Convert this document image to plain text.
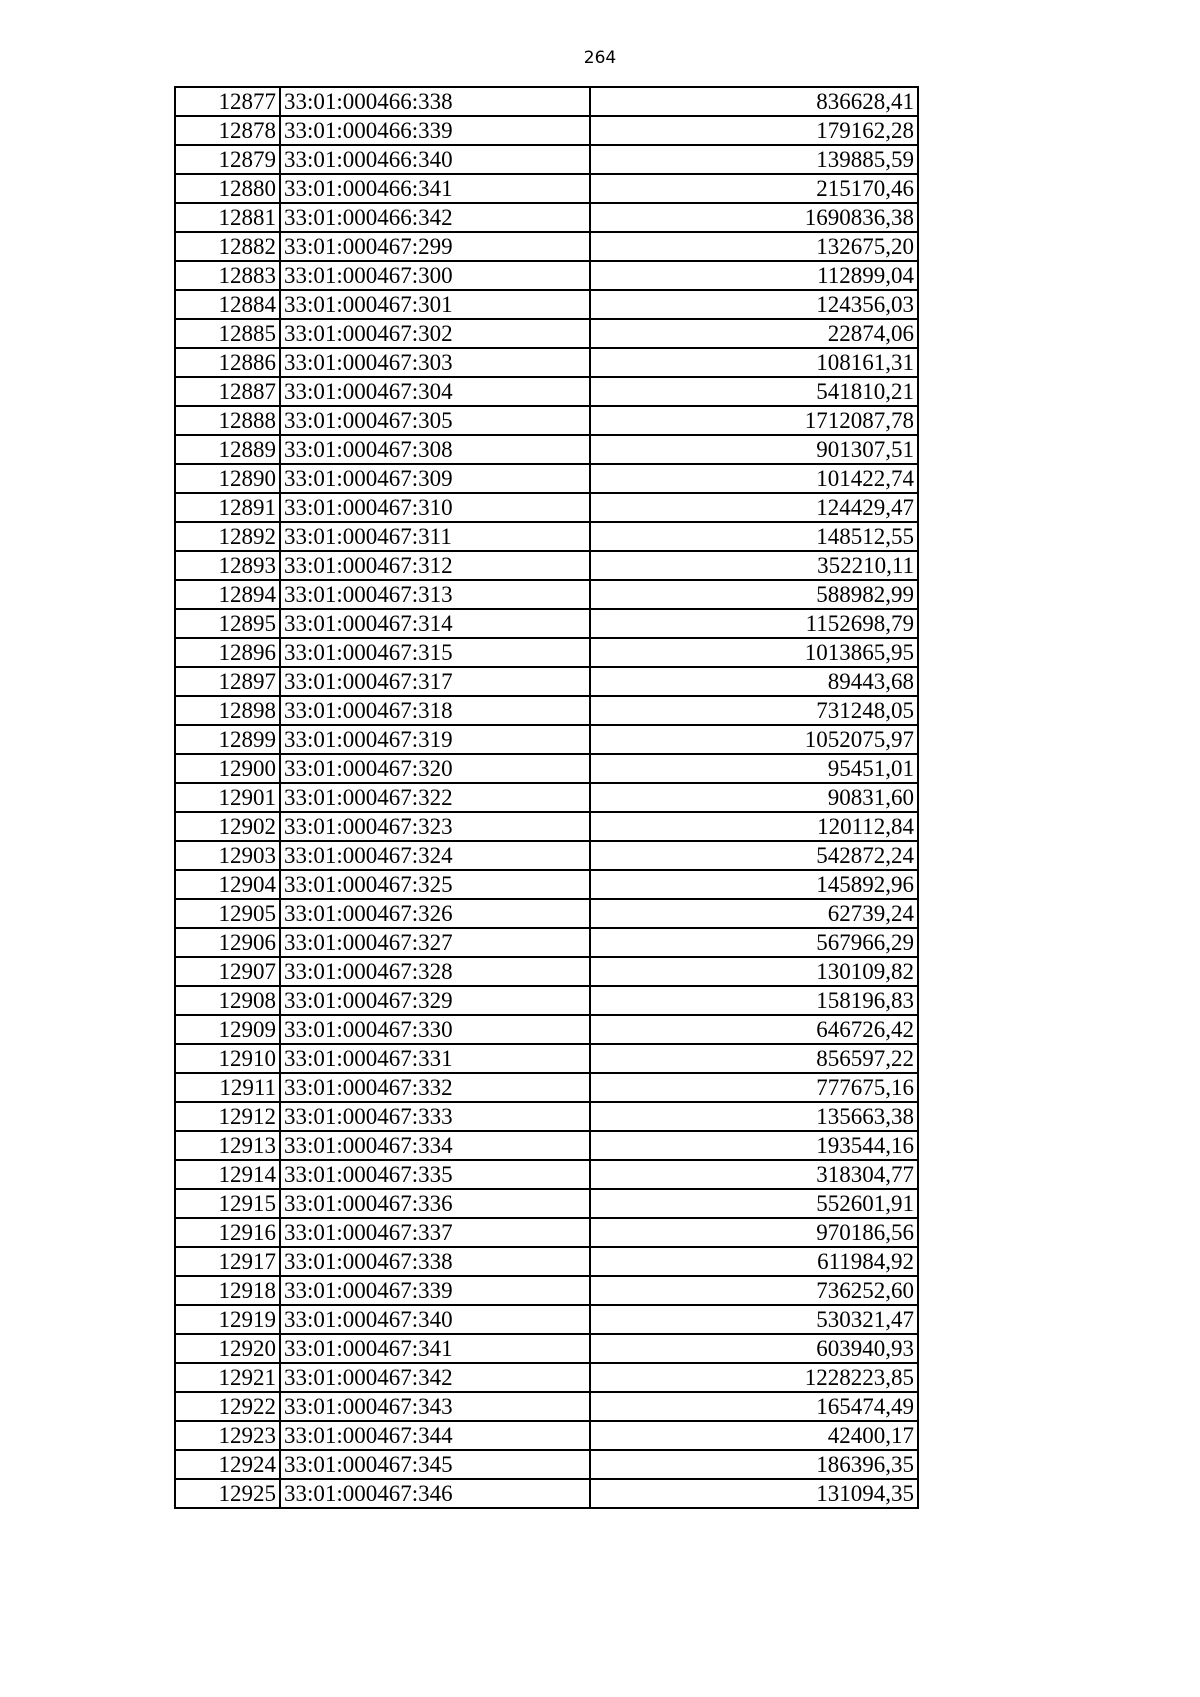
264
12877	33:01:000466:338	836628,41
12878	33:01:000466:339	179162,28
12879	33:01:000466:340	139885,59
12880	33:01:000466:341	215170,46
12881	33:01:000466:342	1690836,38
12882	33:01:000467:299	132675,20
12883	33:01:000467:300	112899,04
12884	33:01:000467:301	124356,03
12885	33:01:000467:302	22874,06
12886	33:01:000467:303	108161,31
12887	33:01:000467:304	541810,21
12888	33:01:000467:305	1712087,78
12889	33:01:000467:308	901307,51
12890	33:01:000467:309	101422,74
12891	33:01:000467:310	124429,47
12892	33:01:000467:311	148512,55
12893	33:01:000467:312	352210,11
12894	33:01:000467:313	588982,99
12895	33:01:000467:314	1152698,79
12896	33:01:000467:315	1013865,95
12897	33:01:000467:317	89443,68
12898	33:01:000467:318	731248,05
12899	33:01:000467:319	1052075,97
12900	33:01:000467:320	95451,01
12901	33:01:000467:322	90831,60
12902	33:01:000467:323	120112,84
12903	33:01:000467:324	542872,24
12904	33:01:000467:325	145892,96
12905	33:01:000467:326	62739,24
12906	33:01:000467:327	567966,29
12907	33:01:000467:328	130109,82
12908	33:01:000467:329	158196,83
12909	33:01:000467:330	646726,42
12910	33:01:000467:331	856597,22
12911	33:01:000467:332	777675,16
12912	33:01:000467:333	135663,38
12913	33:01:000467:334	193544,16
12914	33:01:000467:335	318304,77
12915	33:01:000467:336	552601,91
12916	33:01:000467:337	970186,56
12917	33:01:000467:338	611984,92
12918	33:01:000467:339	736252,60
12919	33:01:000467:340	530321,47
12920	33:01:000467:341	603940,93
12921	33:01:000467:342	1228223,85
12922	33:01:000467:343	165474,49
12923	33:01:000467:344	42400,17
12924	33:01:000467:345	186396,35
12925	33:01:000467:346	131094,35
